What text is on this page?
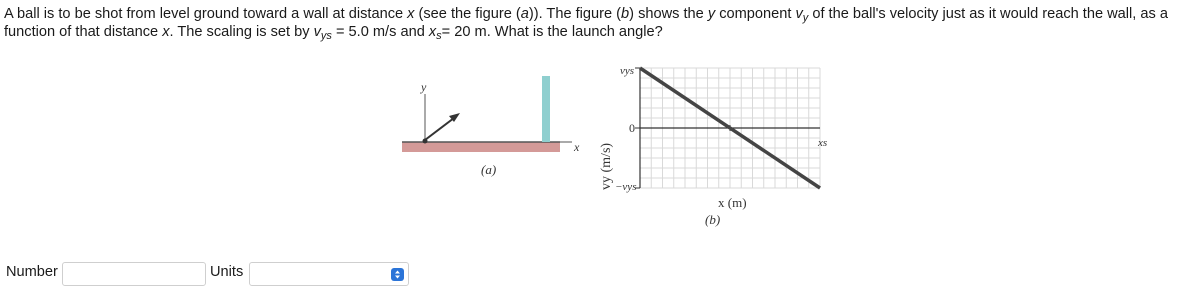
A ball is to be shot from level ground toward a wall at distance x (see the figure (a)). The figure (b) shows the y component $v_y$ of the ball's velocity just as it would reach the wall, as a function of that distance x. The scaling is set by $v_{ys} = 5.0$ m/s and $x_s= 20$ m. What is the launch angle?
y
x
(a)	vy (m/s)
vys
0
−vys
xs
x (m)
(b)
Number	Units
